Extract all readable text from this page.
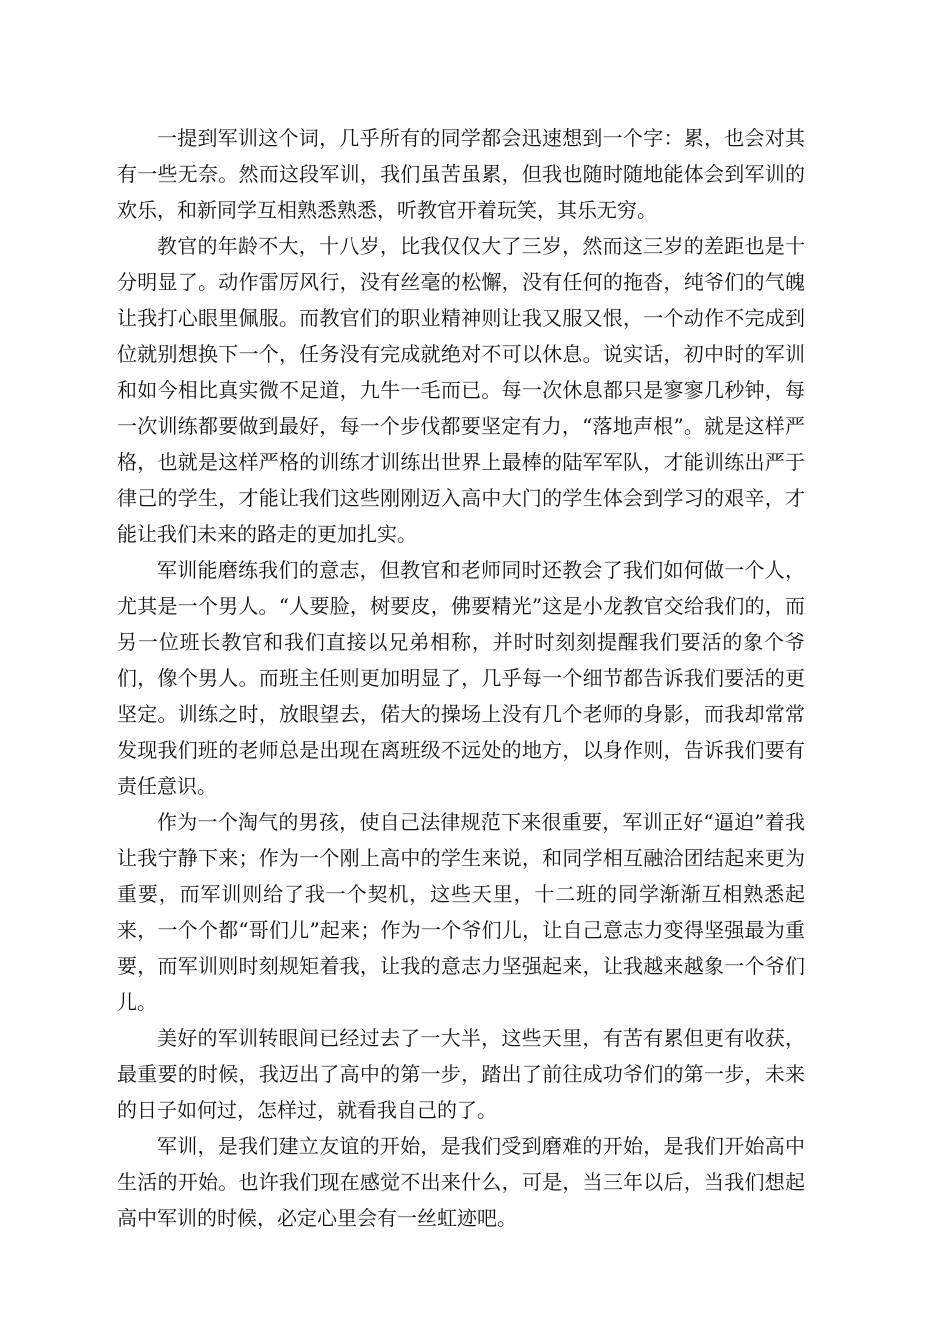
一提到军训这个词，几乎所有的同学都会迅速想到一个字：累，也会对其有一些无奈。然而这段军训，我们虽苦虽累，但我也随时随地能体会到军训的欢乐，和新同学互相熟悉熟悉，听教官开着玩笑，其乐无穷。

教官的年龄不大，十八岁，比我仅仅大了三岁，然而这三岁的差距也是十分明显了。动作雷厉风行，没有丝毫的松懈，没有任何的拖沓，纯爷们的气魄让我打心眼里佩服。而教官们的职业精神则让我又服又恨，一个动作不完成到位就别想换下一个，任务没有完成就绝对不可以休息。说实话，初中时的军训和如今相比真实微不足道，九牛一毛而已。每一次休息都只是寥寥几秒钟，每一次训练都要做到最好，每一个步伐都要坚定有力，“落地声根”。就是这样严格，也就是这样严格的训练才训练出世界上最棒的陆军军队，才能训练出严于律己的学生，才能让我们这些刚刚迈入高中大门的学生体会到学习的艰辛，才能让我们未来的路走的更加扎实。

军训能磨练我们的意志，但教官和老师同时还教会了我们如何做一个人，尤其是一个男人。“人要脸，树要皮，佛要精光”这是小龙教官交给我们的，而另一位班长教官和我们直接以兄弟相称，并时时刻刻提醒我们要活的象个爷们，像个男人。而班主任则更加明显了，几乎每一个细节都告诉我们要活的更坚定。训练之时，放眼望去，偌大的操场上没有几个老师的身影，而我却常常发现我们班的老师总是出现在离班级不远处的地方，以身作则，告诉我们要有责任意识。

作为一个淘气的男孩，使自己法律规范下来很重要，军训正好“逼迫”着我让我宁静下来；作为一个刚上高中的学生来说，和同学相互融洽团结起来更为重要，而军训则给了我一个契机，这些天里，十二班的同学渐渐互相熟悉起来，一个个都“哥们儿”起来；作为一个爷们儿，让自己意志力变得坚强最为重要，而军训则时刻规矩着我，让我的意志力坚强起来，让我越来越象一个爷们儿。

美好的军训转眼间已经过去了一大半，这些天里，有苦有累但更有收获，最重要的时候，我迈出了高中的第一步，踏出了前往成功爷们的第一步，未来的日子如何过，怎样过，就看我自己的了。

军训，是我们建立友谊的开始，是我们受到磨难的开始，是我们开始高中生活的开始。也许我们现在感觉不出来什么，可是，当三年以后，当我们想起高中军训的时候，必定心里会有一丝虹迹吧。
